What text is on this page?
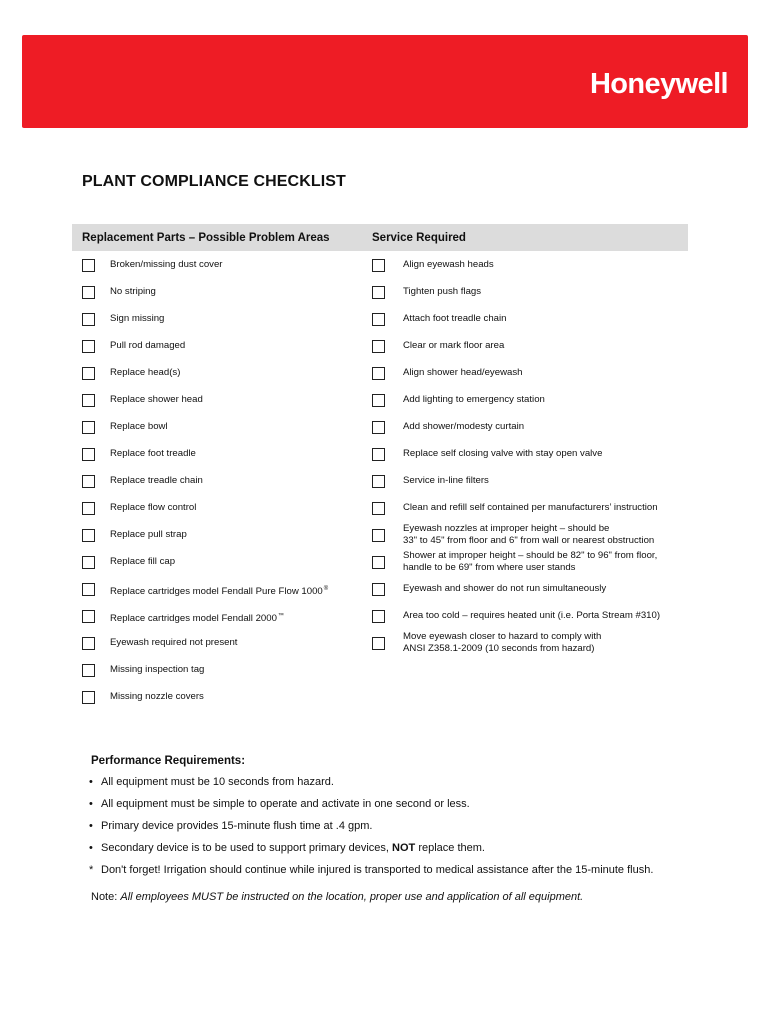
Honeywell
PLANT COMPLIANCE CHECKLIST
Replacement Parts – Possible Problem Areas	Service Required
Broken/missing dust cover
No striping
Sign missing
Pull rod damaged
Replace head(s)
Replace shower head
Replace bowl
Replace foot treadle
Replace treadle chain
Replace flow control
Replace pull strap
Replace fill cap
Replace cartridges model Fendall Pure Flow 1000®
Replace cartridges model Fendall 2000™
Eyewash required not present
Missing inspection tag
Missing nozzle covers
Align eyewash heads
Tighten push flags
Attach foot treadle chain
Clear or mark floor area
Align shower head/eyewash
Add lighting to emergency station
Add shower/modesty curtain
Replace self closing valve with stay open valve
Service in-line filters
Clean and refill self contained per manufacturers’ instruction
Eyewash nozzles at improper height – should be
33" to 45" from floor and 6" from wall or nearest obstruction
Shower at improper height – should be 82" to 96" from floor,
handle to be 69" from where user stands
Eyewash and shower do not run simultaneously
Area too cold – requires heated unit (i.e. Porta Stream #310)
Move eyewash closer to hazard to comply with
ANSI Z358.1-2009 (10 seconds from hazard)
Performance Requirements:
• All equipment must be 10 seconds from hazard.
• All equipment must be simple to operate and activate in one second or less.
• Primary device provides 15-minute flush time at .4 gpm.
• Secondary device is to be used to support primary devices, NOT replace them.
* Don't forget! Irrigation should continue while injured is transported to medical assistance after the 15-minute flush.
Note: All employees MUST be instructed on the location, proper use and application of all equipment.
